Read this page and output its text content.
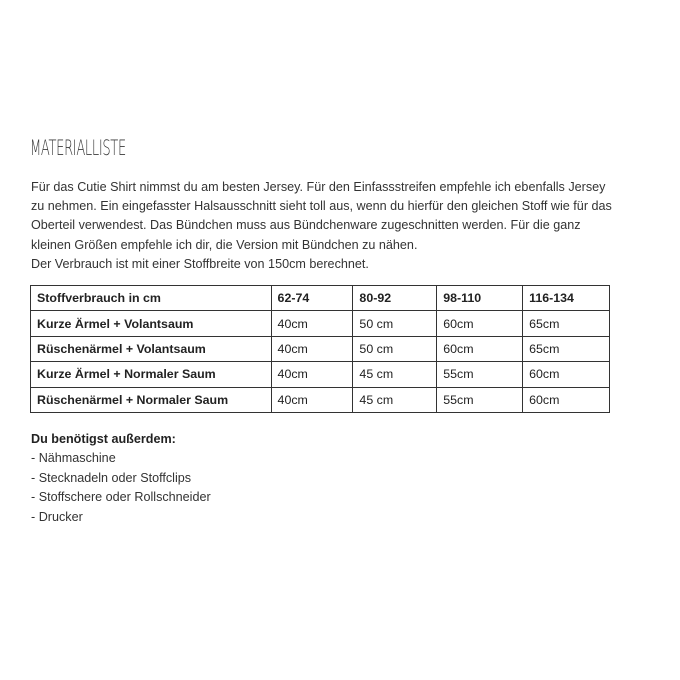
MATERIALLISTE

Für das Cutie Shirt nimmst du am besten Jersey. Für den Einfassstreifen empfehle ich ebenfalls Jersey

zu nehmen. Ein eingefasster Halsausschnitt sieht toll aus, wenn du hierfür den gleichen Stoff wie für das

Oberteil verwendest. Das Bündchen muss aus Bündchenware zugeschnitten werden. Für die ganz

kleinen Größen empfehle ich dir, die Version mit Bündchen zu nähen.

Der Verbrauch ist mit einer Stoffbreite von 150cm berechnet.

Stoffverbrauch in cm	62-74	80-92	98-110	116-134
Kurze Ärmel + Volantsaum	40cm	50 cm	60cm	65cm
Rüschenärmel + Volantsaum	40cm	50 cm	60cm	65cm
Kurze Ärmel + Normaler Saum	40cm	45 cm	55cm	60cm
Rüschenärmel + Normaler Saum	40cm	45 cm	55cm	60cm
Du benötigst außerdem:
- Nähmaschine
- Stecknadeln oder Stoffclips
- Stoffschere oder Rollschneider
- Drucker
